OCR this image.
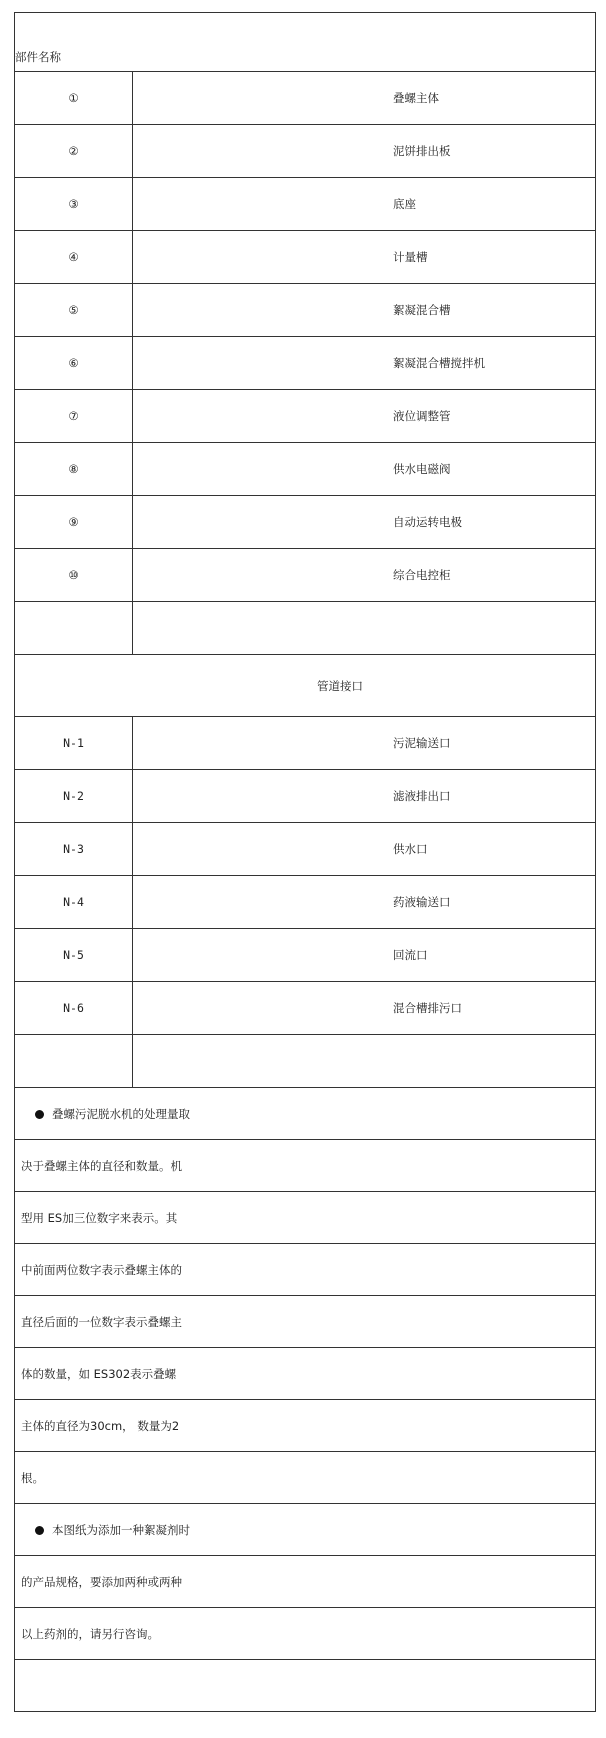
部件名称	
①	叠螺主体
②	泥饼排出板
③	底座
④	计量槽
⑤	絮凝混合槽
⑥	絮凝混合槽搅拌机
⑦	液位调整管
⑧	供水电磁阀
⑨	自动运转电极
⑩	综合电控柜

管道接口	
N-1	污泥输送口
N-2	滤液排出口
N-3	供水口
N-4	药液输送口
N-5	回流口
N-6	混合槽排污口

叠螺污泥脱水机的处理量取	
决于叠螺主体的直径和数量。机	
型用 ES加三位数字来表示。其	
中前面两位数字表示叠螺主体的	
直径后面的一位数字表示叠螺主	
体的数量，如 ES302表示叠螺	
主体的直径为30cm， 数量为2	
根。	
本图纸为添加一种絮凝剂时	
的产品规格，要添加两种或两种	
以上药剂的，请另行咨询。	
